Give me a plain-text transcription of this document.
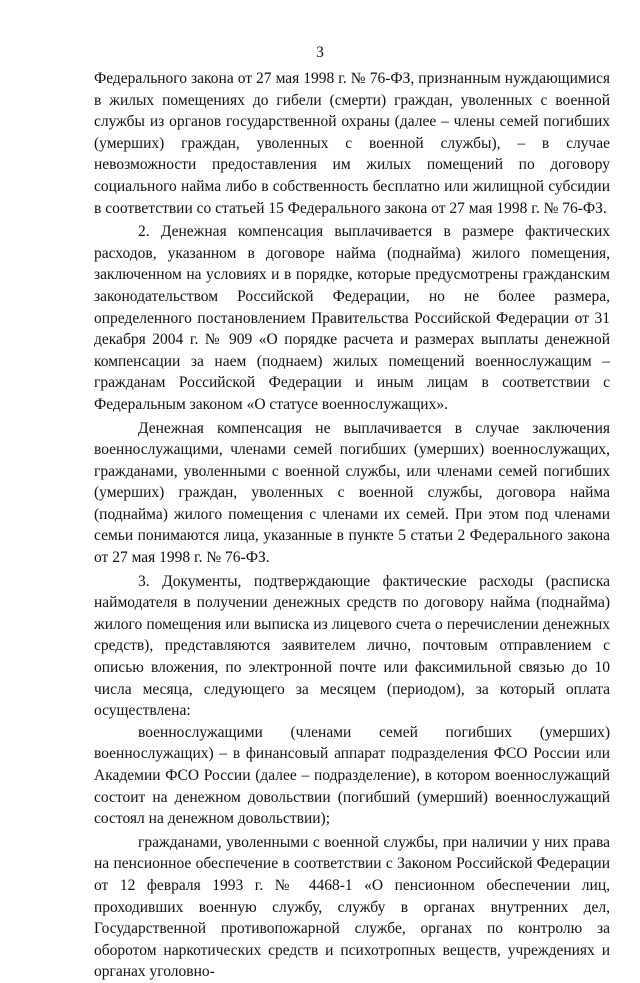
3

Федерального закона от 27 мая 1998 г. № 76-ФЗ, признанным нуждающимися в жилых помещениях до гибели (смерти) граждан, уволенных с военной службы из органов государственной охраны (далее – члены семей погибших (умерших) граждан, уволенных с военной службы), – в случае невозможности предоставления им жилых помещений по договору социального найма либо в собственность бесплатно или жилищной субсидии в соответствии со статьей 15 Федерального закона от 27 мая 1998 г. № 76-ФЗ.

2. Денежная компенсация выплачивается в размере фактических расходов, указанном в договоре найма (поднайма) жилого помещения, заключенном на условиях и в порядке, которые предусмотрены гражданским законодательством Российской Федерации, но не более размера, определенного постановлением Правительства Российской Федерации от 31 декабря 2004 г. № 909 «О порядке расчета и размерах выплаты денежной компенсации за наем (поднаем) жилых помещений военнослужащим – гражданам Российской Федерации и иным лицам в соответствии с Федеральным законом «О статусе военнослужащих».

Денежная компенсация не выплачивается в случае заключения военнослужащими, членами семей погибших (умерших) военнослужащих, гражданами, уволенными с военной службы, или членами семей погибших (умерших) граждан, уволенных с военной службы, договора найма (поднайма) жилого помещения с членами их семей. При этом под членами семьи понимаются лица, указанные в пункте 5 статьи 2 Федерального закона от 27 мая 1998 г. № 76-ФЗ.

3. Документы, подтверждающие фактические расходы (расписка наймодателя в получении денежных средств по договору найма (поднайма) жилого помещения или выписка из лицевого счета о перечислении денежных средств), представляются заявителем лично, почтовым отправлением с описью вложения, по электронной почте или факсимильной связью до 10 числа месяца, следующего за месяцем (периодом), за который оплата осуществлена:

военнослужащими (членами семей погибших (умерших) военнослужащих) – в финансовый аппарат подразделения ФСО России или Академии ФСО России (далее – подразделение), в котором военнослужащий состоит на денежном довольствии (погибший (умерший) военнослужащий состоял на денежном довольствии);

гражданами, уволенными с военной службы, при наличии у них права на пенсионное обеспечение в соответствии с Законом Российской Федерации от 12 февраля 1993 г. № 4468-1 «О пенсионном обеспечении лиц, проходивших военную службу, службу в органах внутренних дел, Государственной противопожарной службе, органах по контролю за оборотом наркотических средств и психотропных веществ, учреждениях и органах уголовно-
